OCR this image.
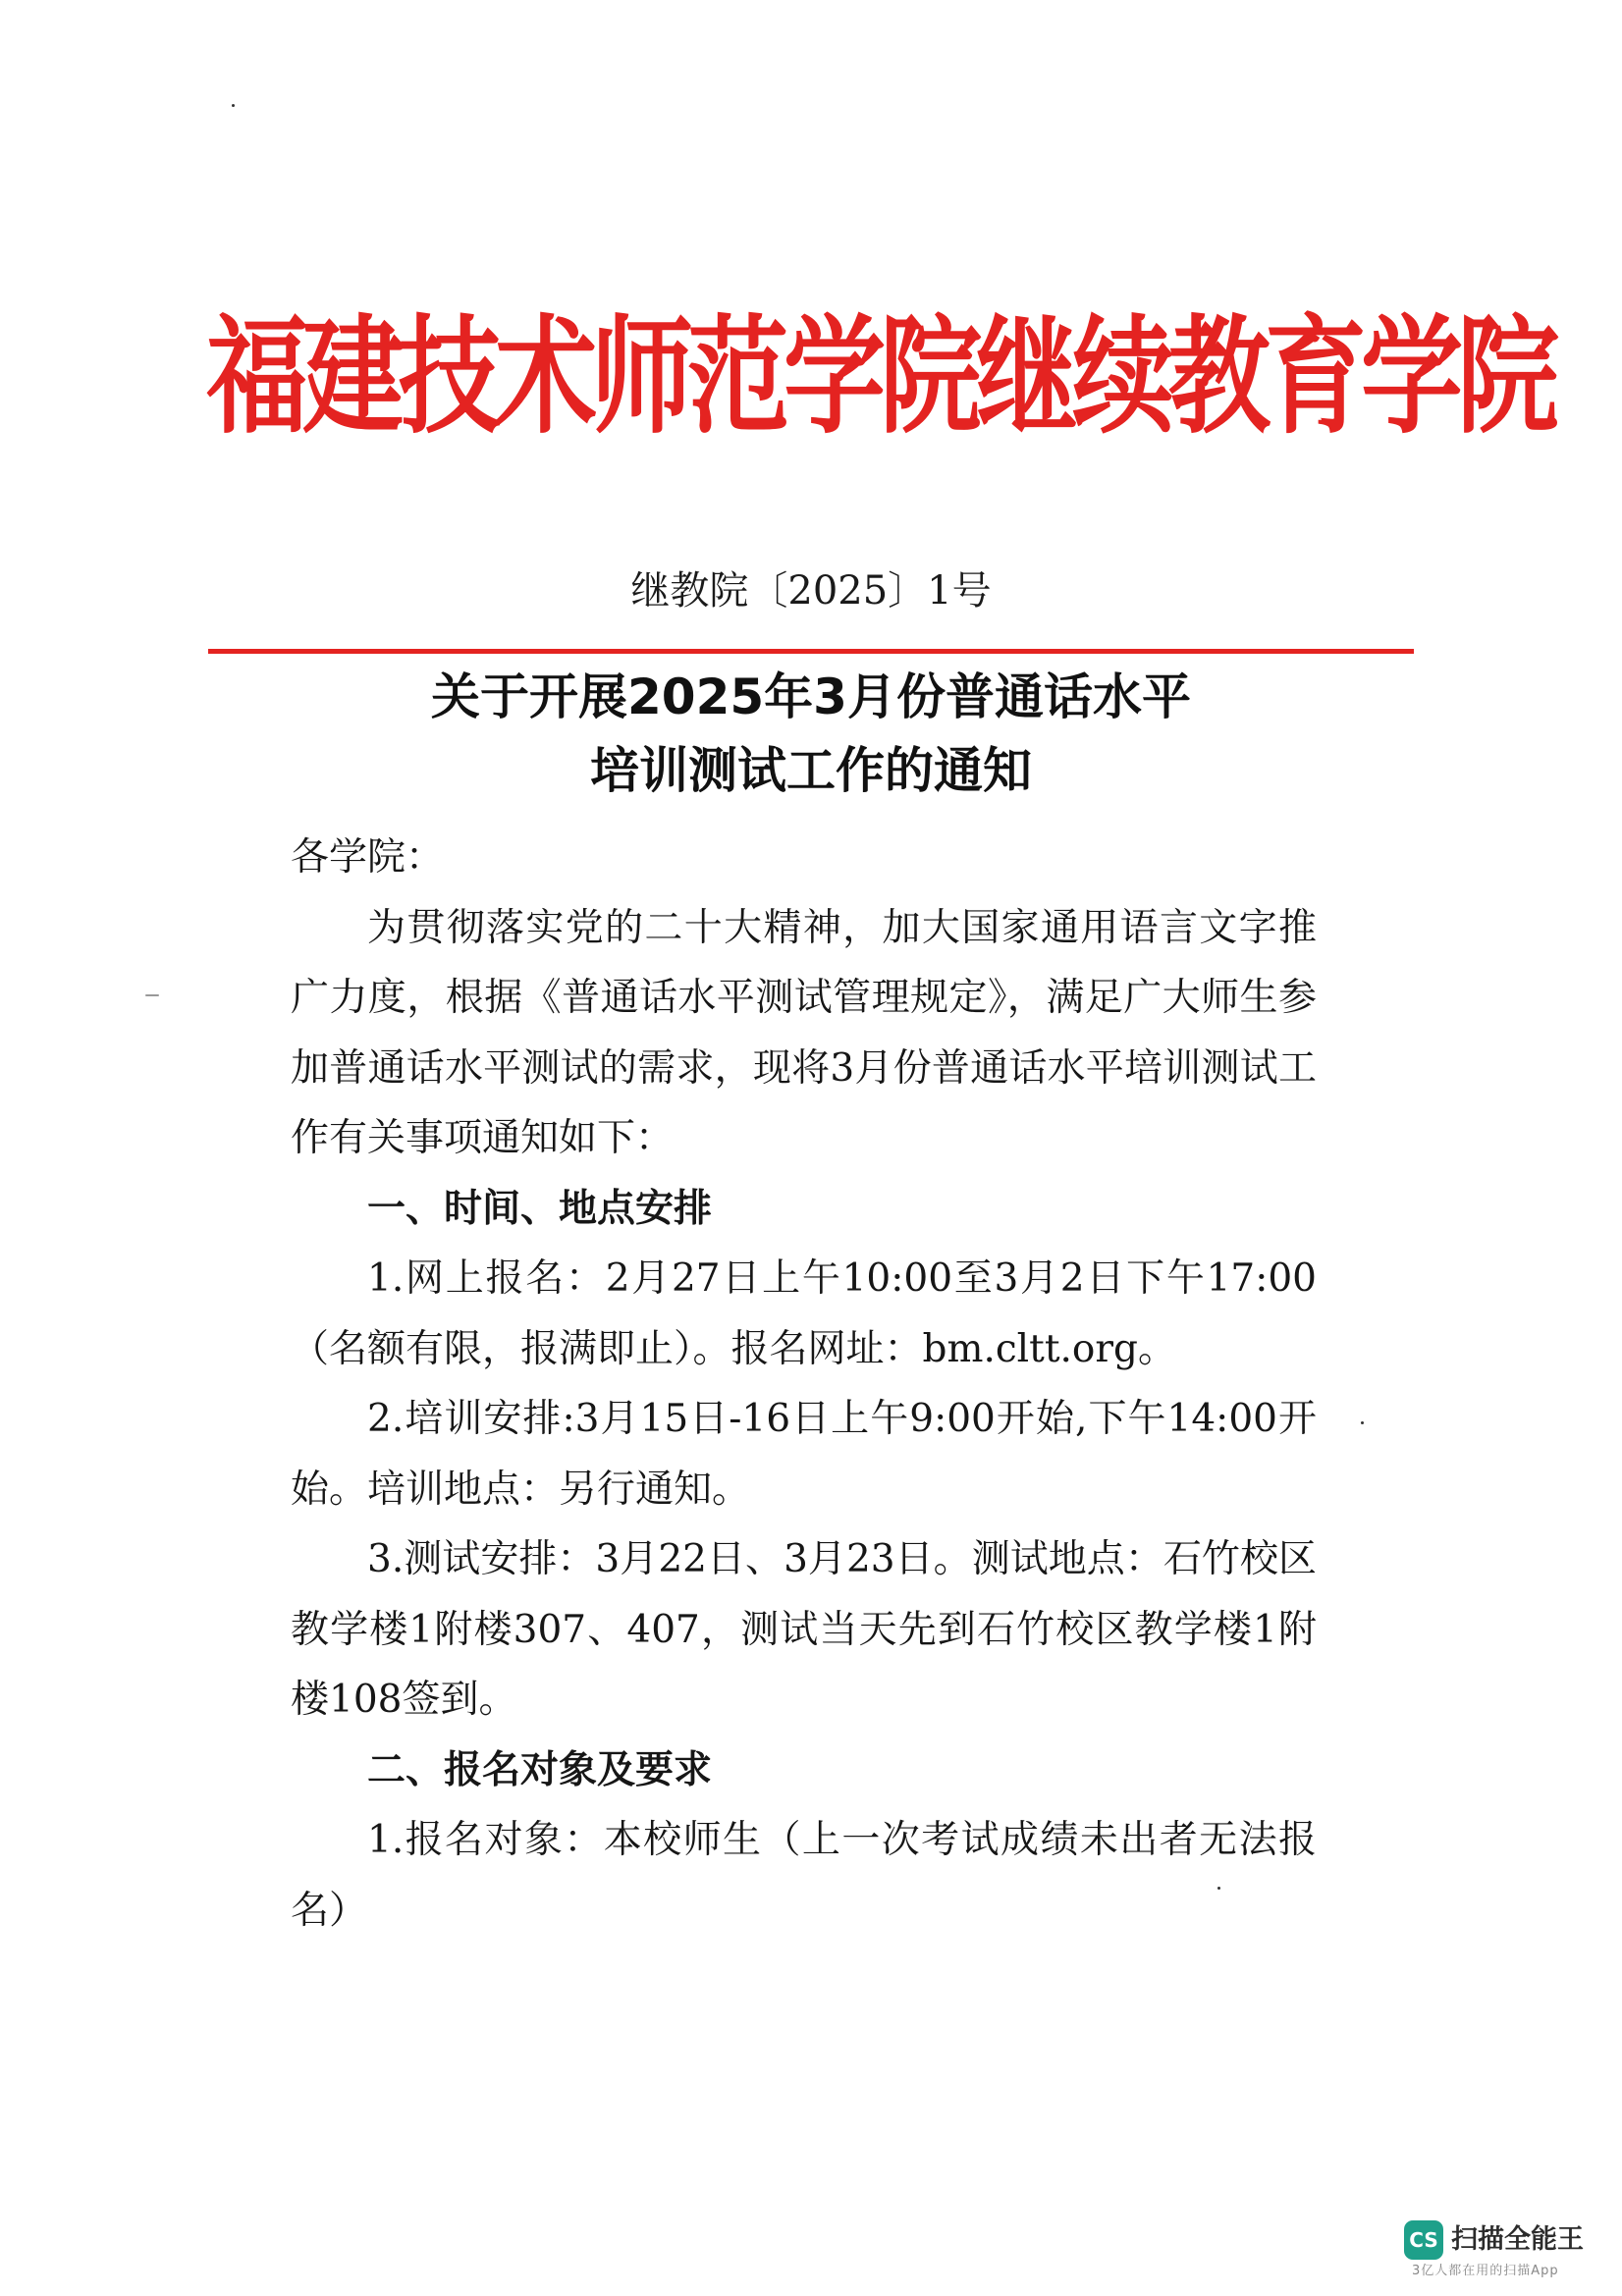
福建技术师范学院继续教育学院
继教院〔2025〕1号
关于开展2025年3月份普通话水平
培训测试工作的通知

各学院：

为贯彻落实党的二十大精神，加大国家通用语言文字推广力度，根据《普通话水平测试管理规定》，满足广大师生参加普通话水平测试的需求，现将3月份普通话水平培训测试工作有关事项通知如下：

一、时间、地点安排

1.网上报名：2月27日上午10:00至3月2日下午17:00（名额有限，报满即止）。报名网址：bm.cltt.org。

2.培训安排:3月15日-16日上午9:00开始,下午14:00开始。培训地点：另行通知。

3.测试安排：3月22日、3月23日。测试地点：石竹校区教学楼1附楼307、407，测试当天先到石竹校区教学楼1附楼108签到。

二、报名对象及要求

1.报名对象：本校师生（上一次考试成绩未出者无法报名）

CS 扫描全能王
3亿人都在用的扫描App
